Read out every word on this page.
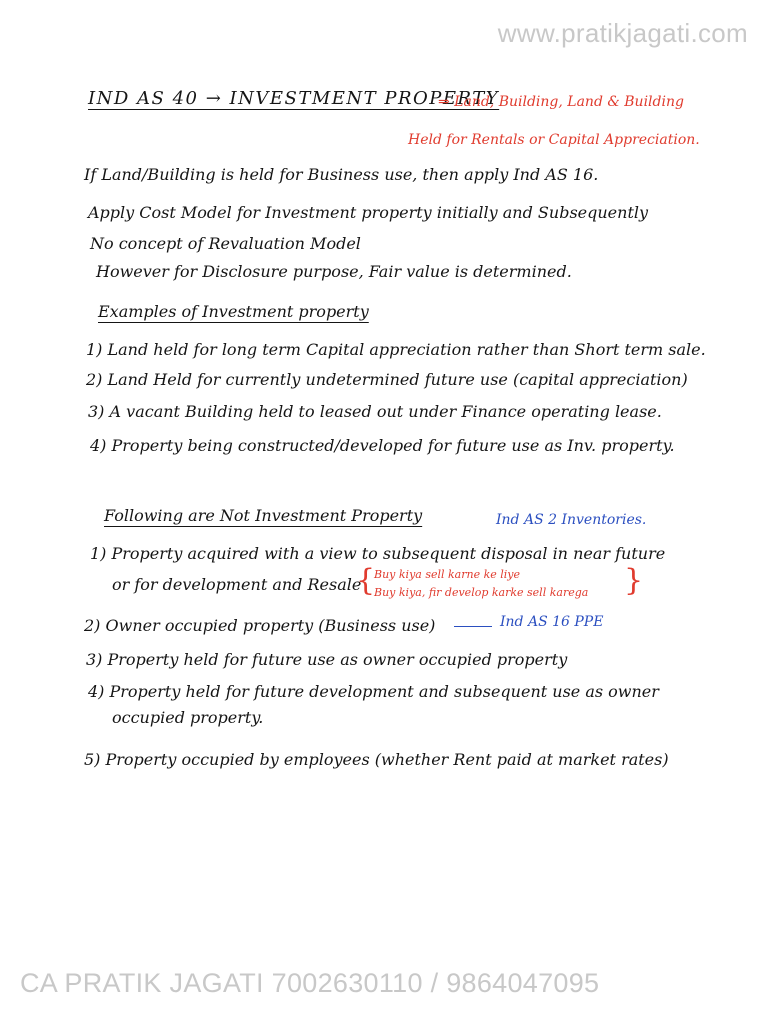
www.pratikjagati.com
IND AS 40 → INVESTMENT PROPERTY
⇒ Land, Building, Land & Building
Held for Rentals or Capital Appreciation.
If Land/Building is held for Business use, then apply Ind AS 16.
Apply Cost Model for Investment property initially and Subsequently
No concept of Revaluation Model
However for Disclosure purpose, Fair value is determined.
Examples of Investment property
1) Land held for long term Capital appreciation rather than Short term sale.
2) Land Held for currently undetermined future use (capital appreciation)
3) A vacant Building held to leased out under Finance operating lease.
4) Property being constructed/developed for future use as Inv. property.
Following are Not Investment Property	Ind AS 2 Inventories.
1) Property acquired with a view to subsequent disposal in near future
or for development and Resale
{
Buy kiya sell karne ke liye
Buy kiya, fir develop karke sell karega }
2) Owner occupied property (Business use)	Ind AS 16 PPE
3) Property held for future use as owner occupied property
4) Property held for future development and subsequent use as owner
occupied property.
5) Property occupied by employees (whether Rent paid at market rates)
CA PRATIK JAGATI 7002630110 / 9864047095
